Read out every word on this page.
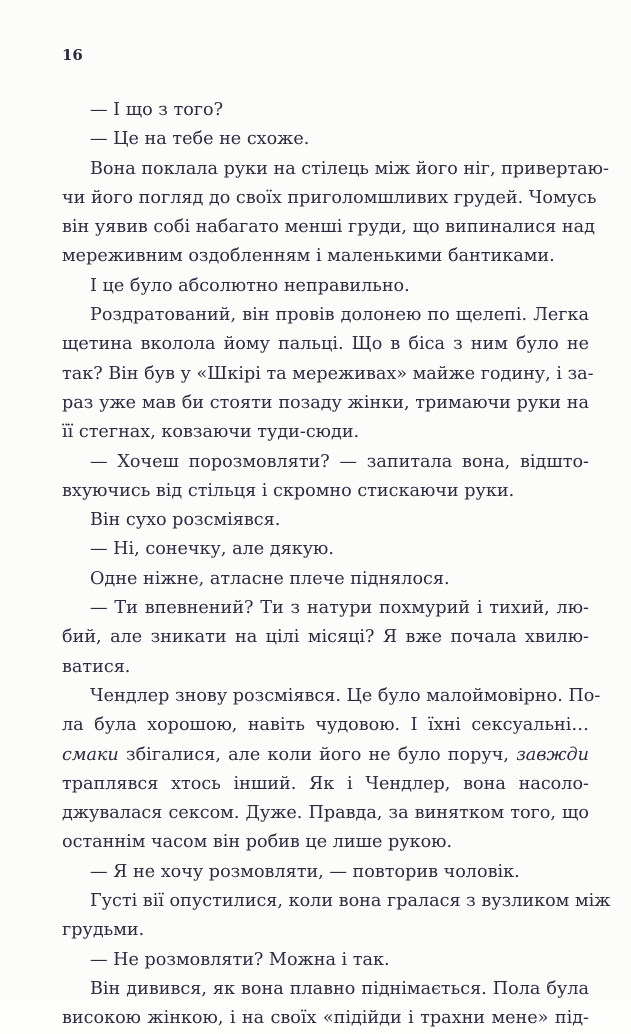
16
— І що з того?
— Це на тебе не схоже.
Вона поклала руки на стілець між його ніг, привертаю-
чи його погляд до своїх приголомшливих грудей. Чомусь
він уявив собі набагато менші груди, що випиналися над
мереживним оздобленням і маленькими бантиками.
І це було абсолютно неправильно.
Роздратований, він провів долонею по щелепі. Легка
щетина вколола йому пальці. Що в біса з ним було не
так? Він був у «Шкірі та мереживах» майже годину, і за-
раз уже мав би стояти позаду жінки, тримаючи руки на
її стегнах, ковзаючи туди-сюди.
— Хочеш порозмовляти? — запитала вона, відшто-
вхуючись від стільця і скромно стискаючи руки.
Він сухо розсміявся.
— Ні, сонечку, але дякую.
Одне ніжне, атласне плече піднялося.
— Ти впевнений? Ти з натури похмурий і тихий, лю-
бий, але зникати на цілі місяці? Я вже почала хвилю-
ватися.
Чендлер знову розсміявся. Це було малоймовірно. По-
ла була хорошою, навіть чудовою. І їхні сексуальні…
смаки збігалися, але коли його не було поруч, завжди
траплявся хтось інший. Як і Чендлер, вона насоло-
джувалася сексом. Дуже. Правда, за винятком того, що
останнім часом він робив це лише рукою.
— Я не хочу розмовляти, — повторив чоловік.
Густі вії опустилися, коли вона гралася з вузликом між
грудьми.
— Не розмовляти? Можна і так.
Він дивився, як вона плавно піднімається. Пола була
високою жінкою, і на своїх «підійди і трахни мене» під-
